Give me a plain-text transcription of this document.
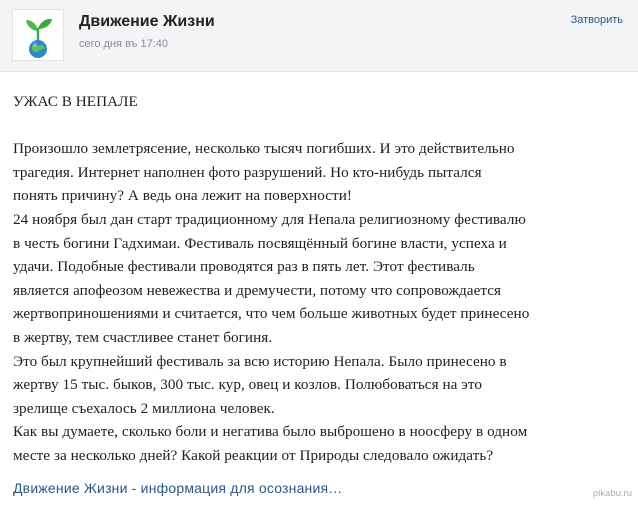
Движение Жизни
сего дня въ 17:40
Затворить
УЖАС В НЕПАЛЕ
Произошло землетрясение, несколько тысяч погибших. И это действительно
трагедия. Интернет наполнен фото разрушений. Но кто-нибудь пытался
понять причину? А ведь она лежит на поверхности!
24 ноября был дан старт традиционному для Непала религиозному фестивалю
в честь богини Гадхимаи. Фестиваль посвящённый богине власти, успеха и
удачи. Подобные фестивали проводятся раз в пять лет. Этот фестиваль
является апофеозом невежества и дремучести, потому что сопровождается
жертвоприношениями и считается, что чем больше животных будет принесено
в жертву, тем счастливее станет богиня.
Это был крупнейший фестиваль за всю историю Непала. Было принесено в
жертву 15 тыс. быков, 300 тыс. кур, овец и козлов. Полюбоваться на это
зрелище съехалось 2 миллиона человек.
Как вы думаете, сколько боли и негатива было выброшено в ноосферу в одном
месте за несколько дней? Какой реакции от Природы следовало ожидать?
Движение Жизни - информация для осознания…	pikabu.ru
